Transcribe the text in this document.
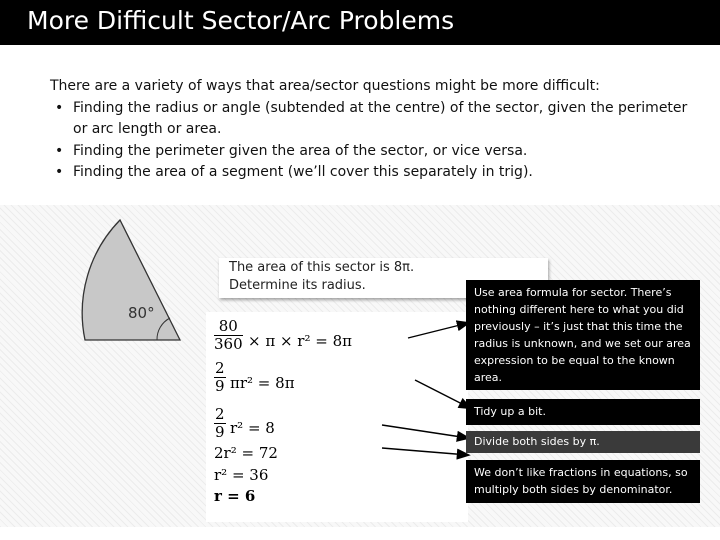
More Difficult Sector/Arc Problems
There are a variety of ways that area/sector questions might be more difficult:
• Finding the radius or angle (subtended at the centre) of the sector, given the perimeter or arc length or area.
• Finding the perimeter given the area of the sector, or vice versa.
• Finding the area of a segment (we’ll cover this separately in trig).
80°
The area of this sector is 8π.
Determine its radius.
$\frac{80}{360} \times \pi \times r^2 = 8\pi$
$\frac{2}{9} \pi r^2 = 8\pi$
$\frac{2}{9} r^2 = 8$
2r² = 72
r² = 36
r = 6
Use area formula for sector. There’s nothing different here to what you did previously – it’s just that this time the radius is unknown, and we set our area expression to be equal to the known area.
Tidy up a bit.
Divide both sides by π.
We don’t like fractions in equations, so multiply both sides by denominator.
